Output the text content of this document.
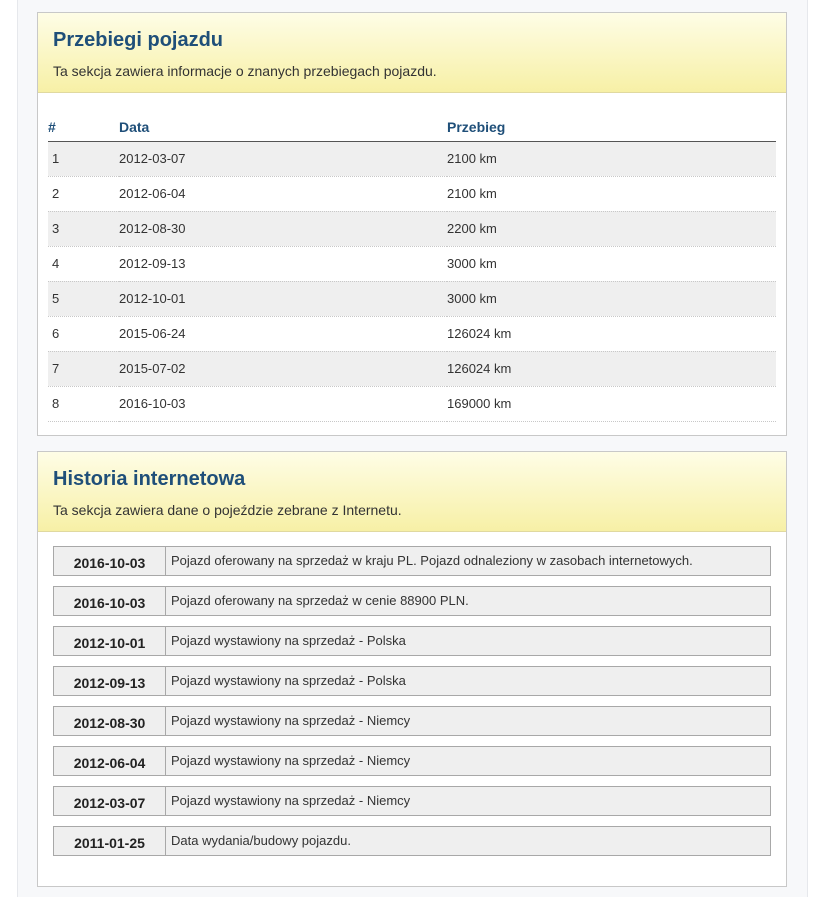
Przebiegi pojazdu

Ta sekcja zawiera informacje o znanych przebiegach pojazdu.

#	Data	Przebieg
1	2012-03-07	2100 km
2	2012-06-04	2100 km
3	2012-08-30	2200 km
4	2012-09-13	3000 km
5	2012-10-01	3000 km
6	2015-06-24	126024 km
7	2015-07-02	126024 km
8	2016-10-03	169000 km
Historia internetowa

Ta sekcja zawiera dane o pojeździe zebrane z Internetu.

2016-10-03	Pojazd oferowany na sprzedaż w kraju PL. Pojazd odnaleziony w zasobach internetowych.
2016-10-03	Pojazd oferowany na sprzedaż w cenie 88900 PLN.
2012-10-01	Pojazd wystawiony na sprzedaż - Polska
2012-09-13	Pojazd wystawiony na sprzedaż - Polska
2012-08-30	Pojazd wystawiony na sprzedaż - Niemcy
2012-06-04	Pojazd wystawiony na sprzedaż - Niemcy
2012-03-07	Pojazd wystawiony na sprzedaż - Niemcy
2011-01-25	Data wydania/budowy pojazdu.
